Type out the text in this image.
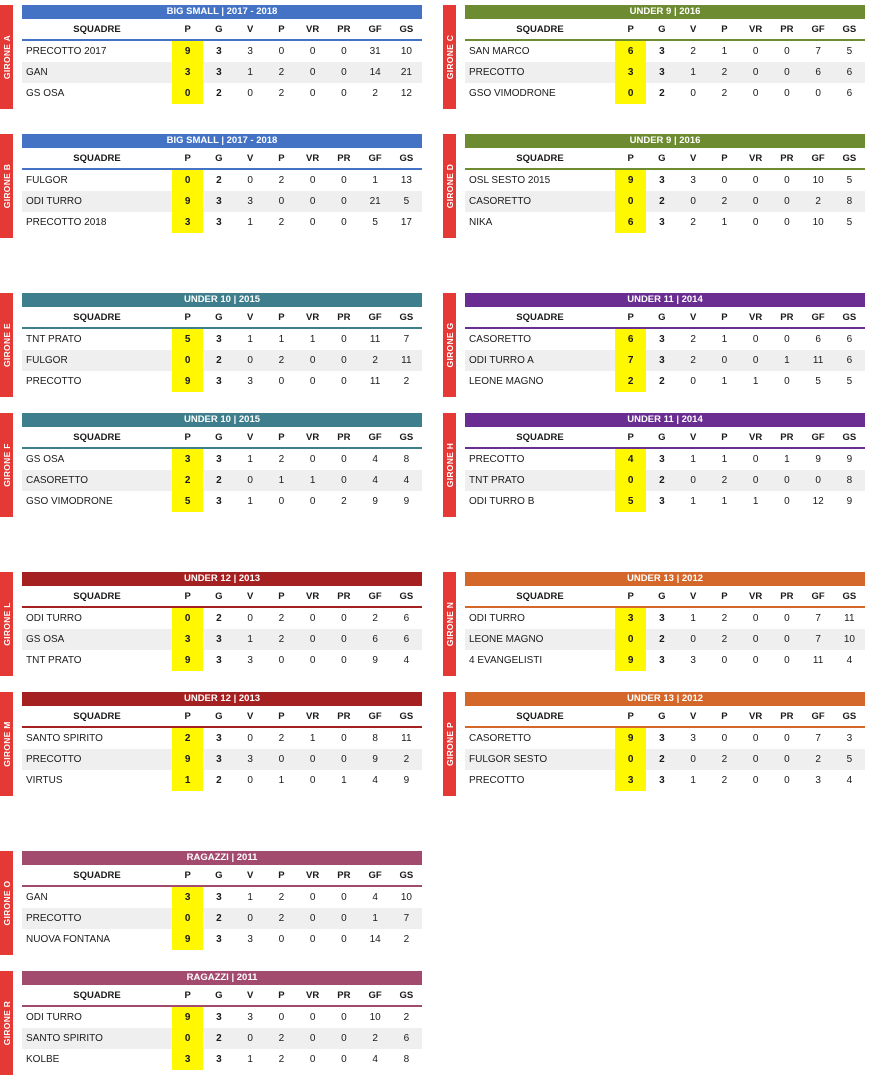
GIRONE A
BIG SMALL | 2017 - 2018
SQUADRE	P	G	V	P	VR	PR	GF	GS
PRECOTTO 2017	9	3	3	0	0	0	31	10
GAN	3	3	1	2	0	0	14	21
GS OSA	0	2	0	2	0	0	2	12
GIRONE C
UNDER 9 | 2016
SQUADRE	P	G	V	P	VR	PR	GF	GS
SAN MARCO	6	3	2	1	0	0	7	5
PRECOTTO	3	3	1	2	0	0	6	6
GSO VIMODRONE	0	2	0	2	0	0	0	6
GIRONE B
BIG SMALL | 2017 - 2018
SQUADRE	P	G	V	P	VR	PR	GF	GS
FULGOR	0	2	0	2	0	0	1	13
ODI TURRO	9	3	3	0	0	0	21	5
PRECOTTO 2018	3	3	1	2	0	0	5	17
GIRONE D
UNDER 9 | 2016
SQUADRE	P	G	V	P	VR	PR	GF	GS
OSL SESTO 2015	9	3	3	0	0	0	10	5
CASORETTO	0	2	0	2	0	0	2	8
NIKA	6	3	2	1	0	0	10	5
GIRONE E
UNDER 10 | 2015
SQUADRE	P	G	V	P	VR	PR	GF	GS
TNT PRATO	5	3	1	1	1	0	11	7
FULGOR	0	2	0	2	0	0	2	11
PRECOTTO	9	3	3	0	0	0	11	2
GIRONE G
UNDER 11 | 2014
SQUADRE	P	G	V	P	VR	PR	GF	GS
CASORETTO	6	3	2	1	0	0	6	6
ODI TURRO A	7	3	2	0	0	1	11	6
LEONE MAGNO	2	2	0	1	1	0	5	5
GIRONE F
UNDER 10 | 2015
SQUADRE	P	G	V	P	VR	PR	GF	GS
GS OSA	3	3	1	2	0	0	4	8
CASORETTO	2	2	0	1	1	0	4	4
GSO VIMODRONE	5	3	1	0	0	2	9	9
GIRONE H
UNDER 11 | 2014
SQUADRE	P	G	V	P	VR	PR	GF	GS
PRECOTTO	4	3	1	1	0	1	9	9
TNT PRATO	0	2	0	2	0	0	0	8
ODI TURRO B	5	3	1	1	1	0	12	9
GIRONE L
UNDER 12 | 2013
SQUADRE	P	G	V	P	VR	PR	GF	GS
ODI TURRO	0	2	0	2	0	0	2	6
GS OSA	3	3	1	2	0	0	6	6
TNT PRATO	9	3	3	0	0	0	9	4
GIRONE N
UNDER 13 | 2012
SQUADRE	P	G	V	P	VR	PR	GF	GS
ODI TURRO	3	3	1	2	0	0	7	11
LEONE MAGNO	0	2	0	2	0	0	7	10
4 EVANGELISTI	9	3	3	0	0	0	11	4
GIRONE M
UNDER 12 | 2013
SQUADRE	P	G	V	P	VR	PR	GF	GS
SANTO SPIRITO	2	3	0	2	1	0	8	11
PRECOTTO	9	3	3	0	0	0	9	2
VIRTUS	1	2	0	1	0	1	4	9
GIRONE P
UNDER 13 | 2012
SQUADRE	P	G	V	P	VR	PR	GF	GS
CASORETTO	9	3	3	0	0	0	7	3
FULGOR SESTO	0	2	0	2	0	0	2	5
PRECOTTO	3	3	1	2	0	0	3	4
GIRONE O
RAGAZZI | 2011
SQUADRE	P	G	V	P	VR	PR	GF	GS
GAN	3	3	1	2	0	0	4	10
PRECOTTO	0	2	0	2	0	0	1	7
NUOVA FONTANA	9	3	3	0	0	0	14	2
GIRONE R
RAGAZZI | 2011
SQUADRE	P	G	V	P	VR	PR	GF	GS
ODI TURRO	9	3	3	0	0	0	10	2
SANTO SPIRITO	0	2	0	2	0	0	2	6
KOLBE	3	3	1	2	0	0	4	8
